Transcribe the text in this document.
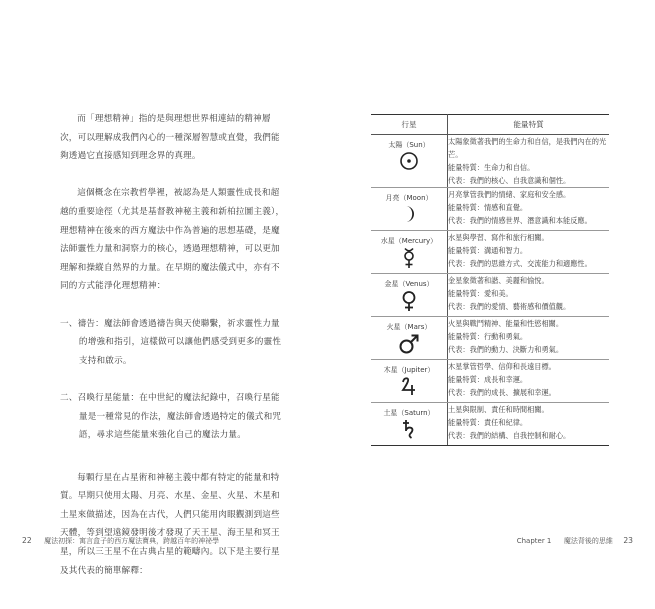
而「理想精神」指的是與理想世界相連結的精神層次，可以理解成我們內心的一種深層智慧或直覺，我們能夠透過它直接感知到理念界的真理。

這個概念在宗教哲學裡，被認為是人類靈性成長和超越的重要途徑（尤其是基督教神秘主義和新柏拉圖主義），理想精神在後來的西方魔法中作為普遍的思想基礎，是魔法師靈性力量和洞察力的核心，透過理想精神，可以更加理解和操縱自然界的力量。在早期的魔法儀式中，亦有不同的方式能淨化理想精神：

一、禱告：魔法師會透過禱告與天使聯繫，祈求靈性力量的增強和指引，這樣做可以讓他們感受到更多的靈性支持和啟示。

二、召喚行星能量：在中世紀的魔法紀錄中，召喚行星能量是一種常見的作法，魔法師會透過特定的儀式和咒語，尋求這些能量來強化自己的魔法力量。

每顆行星在占星術和神秘主義中都有特定的能量和特質。早期只使用太陽、月亮、水星、金星、火星、木星和土星來做描述，因為在古代，人們只能用肉眼觀測到這些天體，等到望遠鏡發明後才發現了天王星、海王星和冥王星，所以三王星不在古典占星的範疇內。以下是主要行星及其代表的簡單解釋：

行星	能量特質

太陽（Sun）	太陽象徵著我們的生命力和自信，是我們內在的光芒。
能量特質：生命力和自信。
代表：我們的核心、自我意識和個性。

月亮（Moon）	月亮掌管我們的情緒、家庭和安全感。
能量特質：情感和直覺。
代表：我們的情感世界、潛意識和本能反應。

水星（Mercury）	水星與學習、寫作和旅行相關。
能量特質：溝通和智力。
代表：我們的思維方式、交流能力和適應性。

金星（Venus）	金星象徵著和諧、美麗和愉悅。
能量特質：愛和美。
代表：我們的愛情、藝術感和價值觀。

火星（Mars）	火星與戰鬥精神、能量和性慾相關。
能量特質：行動和勇氣。
代表：我們的動力、決斷力和勇氣。

木星（Jupiter）	木星掌管哲學、信仰和長遠目標。
能量特質：成長和幸運。
代表：我們的成長、擴展和幸運。

土星（Saturn）	土星與限制、責任和時間相關。
能量特質：責任和紀律。
代表：我們的結構、自我控制和耐心。
22 魔法初探：寓言盒子的西方魔法寶典，跨越百年的神祕學	Chapter 1 魔法背後的思維 23
